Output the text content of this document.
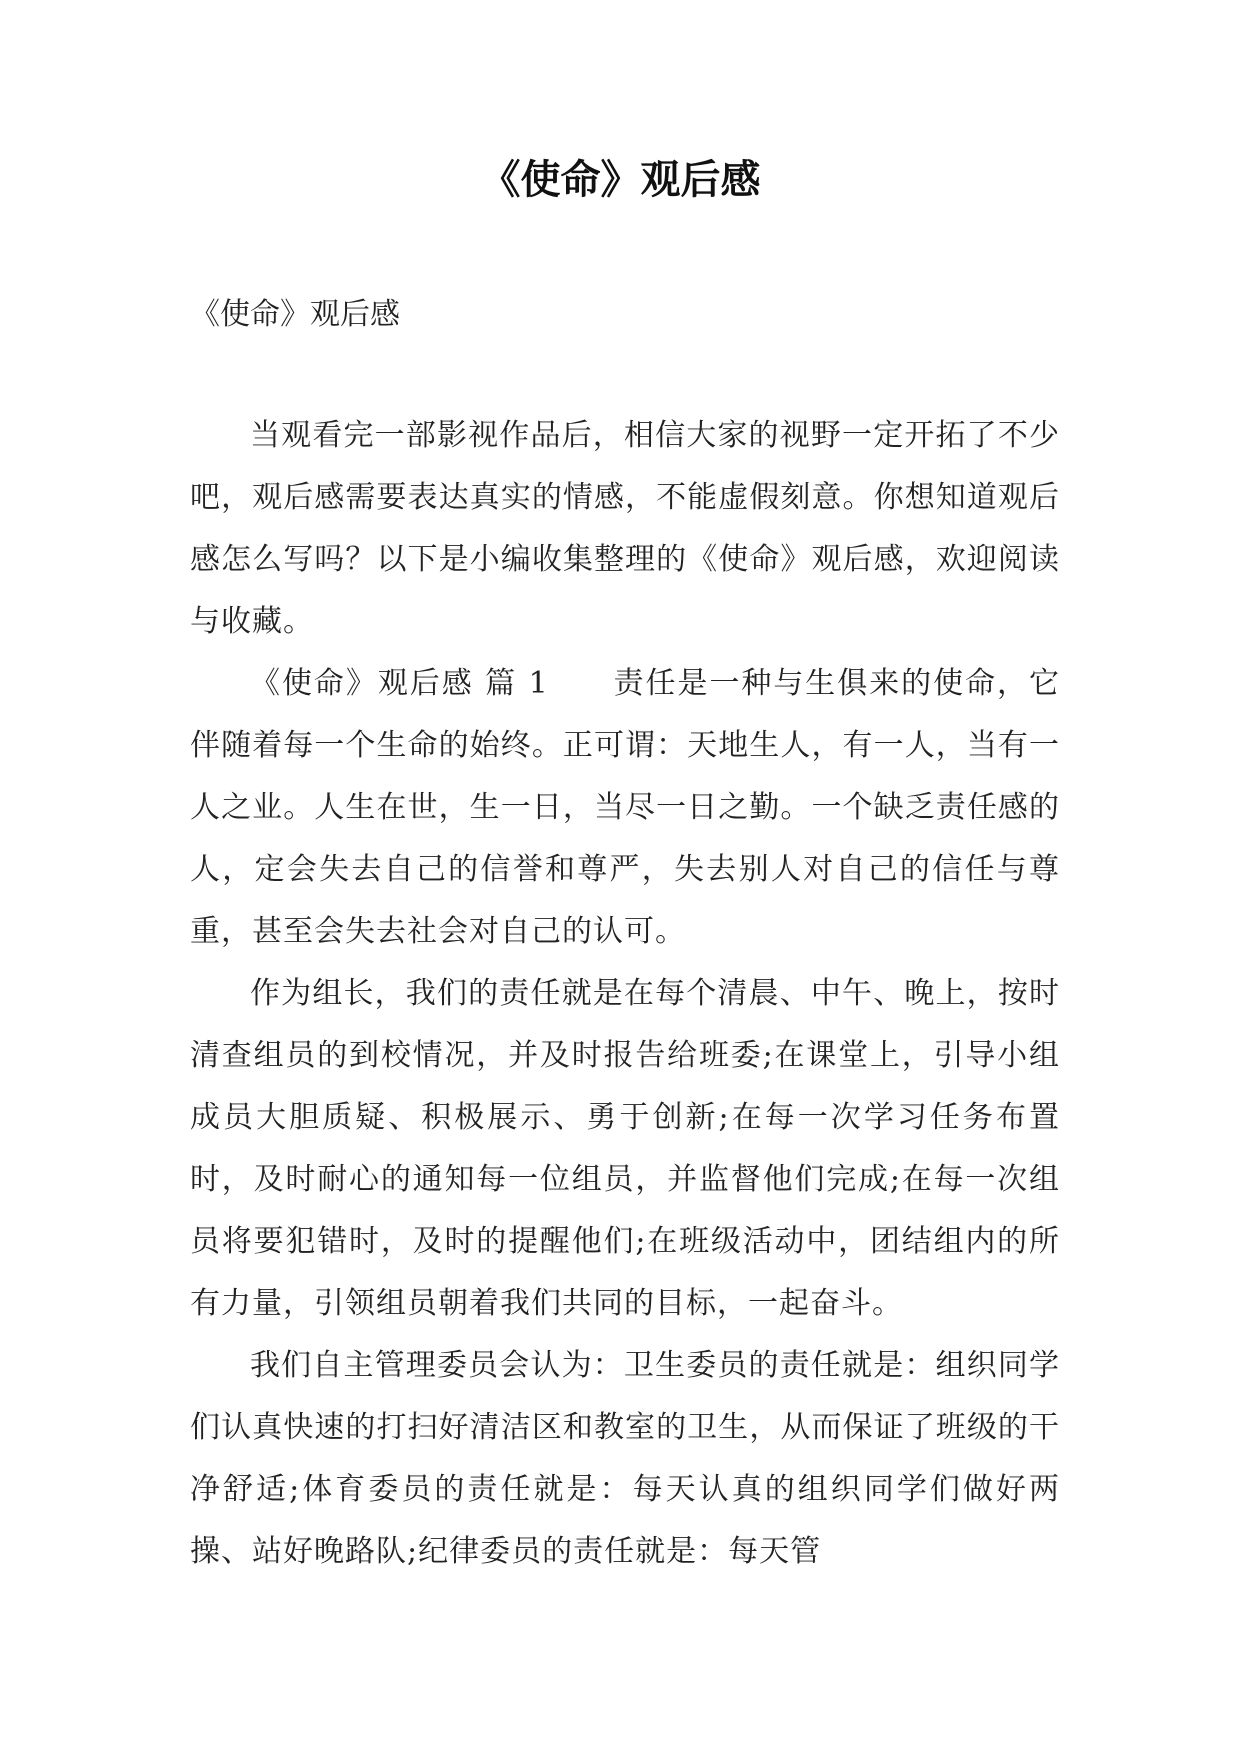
《使命》观后感
《使命》观后感

当观看完一部影视作品后，相信大家的视野一定开拓了不少吧，观后感需要表达真实的情感，不能虚假刻意。你想知道观后感怎么写吗？以下是小编收集整理的《使命》观后感，欢迎阅读与收藏。

《使命》观后感 篇 1　　责任是一种与生俱来的使命，它伴随着每一个生命的始终。正可谓：天地生人，有一人，当有一人之业。人生在世，生一日，当尽一日之勤。一个缺乏责任感的人，定会失去自己的信誉和尊严，失去别人对自己的信任与尊重，甚至会失去社会对自己的认可。

作为组长，我们的责任就是在每个清晨、中午、晚上，按时清查组员的到校情况，并及时报告给班委;在课堂上，引导小组成员大胆质疑、积极展示、勇于创新;在每一次学习任务布置时，及时耐心的通知每一位组员，并监督他们完成;在每一次组员将要犯错时，及时的提醒他们;在班级活动中，团结组内的所有力量，引领组员朝着我们共同的目标，一起奋斗。

我们自主管理委员会认为：卫生委员的责任就是：组织同学们认真快速的打扫好清洁区和教室的卫生，从而保证了班级的干净舒适;体育委员的责任就是：每天认真的组织同学们做好两操、站好晚路队;纪律委员的责任就是：每天管
